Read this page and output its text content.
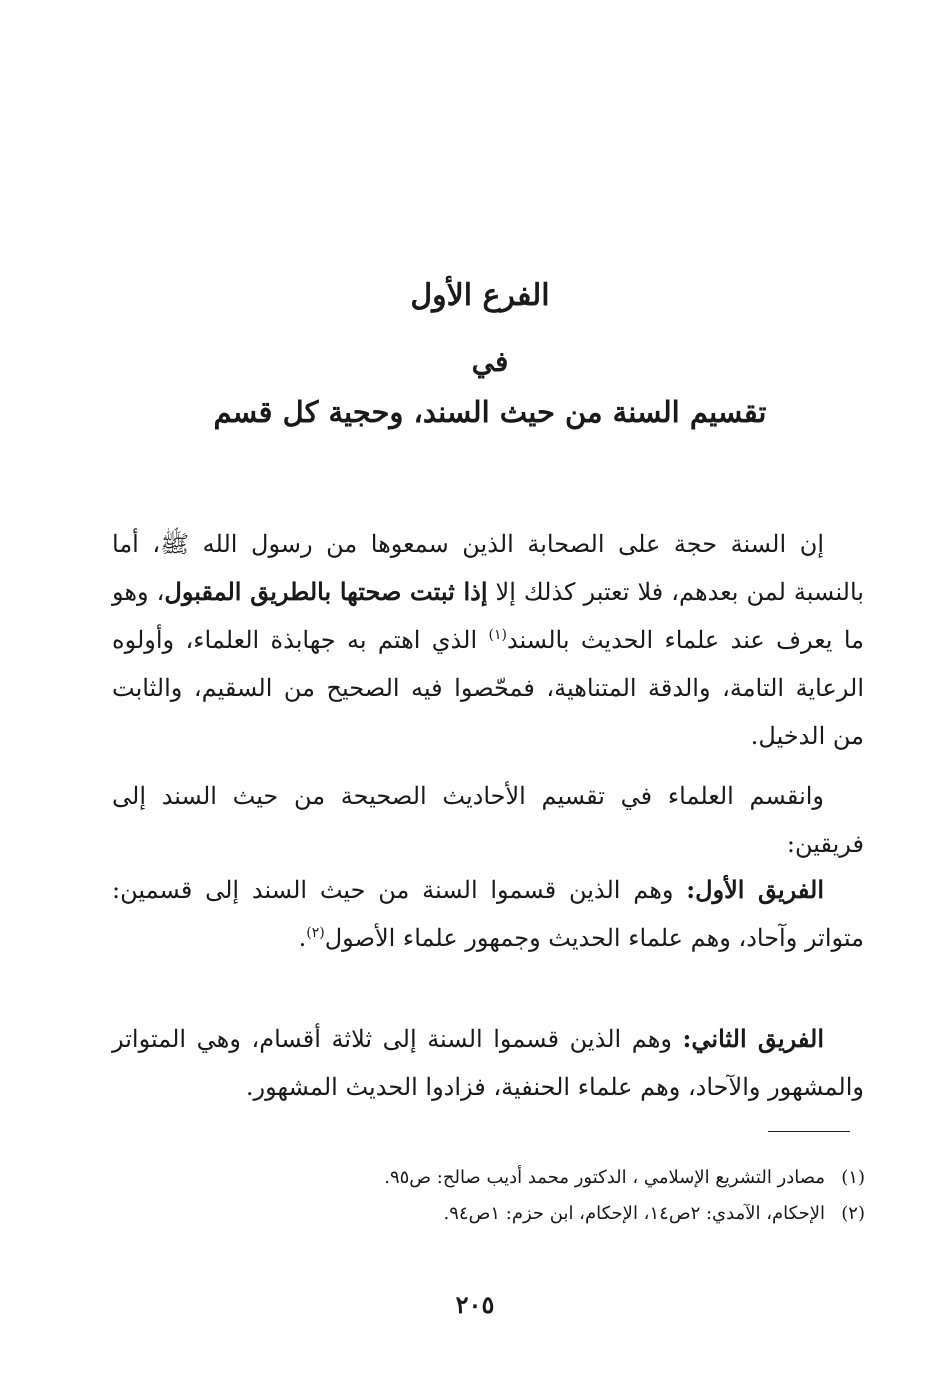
الفرع الأول
في
تقسيم السنة من حيث السند، وحجية كل قسم
إن السنة حجة على الصحابة الذين سمعوها من رسول الله ﷺ، أما بالنسبة لمن بعدهم، فلا تعتبر كذلك إلا إذا ثبتت صحتها بالطريق المقبول، وهو ما يعرف عند علماء الحديث بالسند$^{(١)}$ الذي اهتم به جهابذة العلماء، وأولوه الرعاية التامة، والدقة المتناهية، فمحّصوا فيه الصحيح من السقيم، والثابت من الدخيل.
وانقسم العلماء في تقسيم الأحاديث الصحيحة من حيث السند إلى فريقين:
الفريق الأول: وهم الذين قسموا السنة من حيث السند إلى قسمين: متواتر وآحاد، وهم علماء الحديث وجمهور علماء الأصول$^{(٢)}$.
الفريق الثاني: وهم الذين قسموا السنة إلى ثلاثة أقسام، وهي المتواتر والمشهور والآحاد، وهم علماء الحنفية، فزادوا الحديث المشهور.
(١)مصادر التشريع الإسلامي ، الدكتور محمد أديب صالح: ص٩٥.
(٢)الإحكام، الآمدي: ٢ص١٤، الإحكام، ابن حزم: ١ص٩٤.
٢٠٥
